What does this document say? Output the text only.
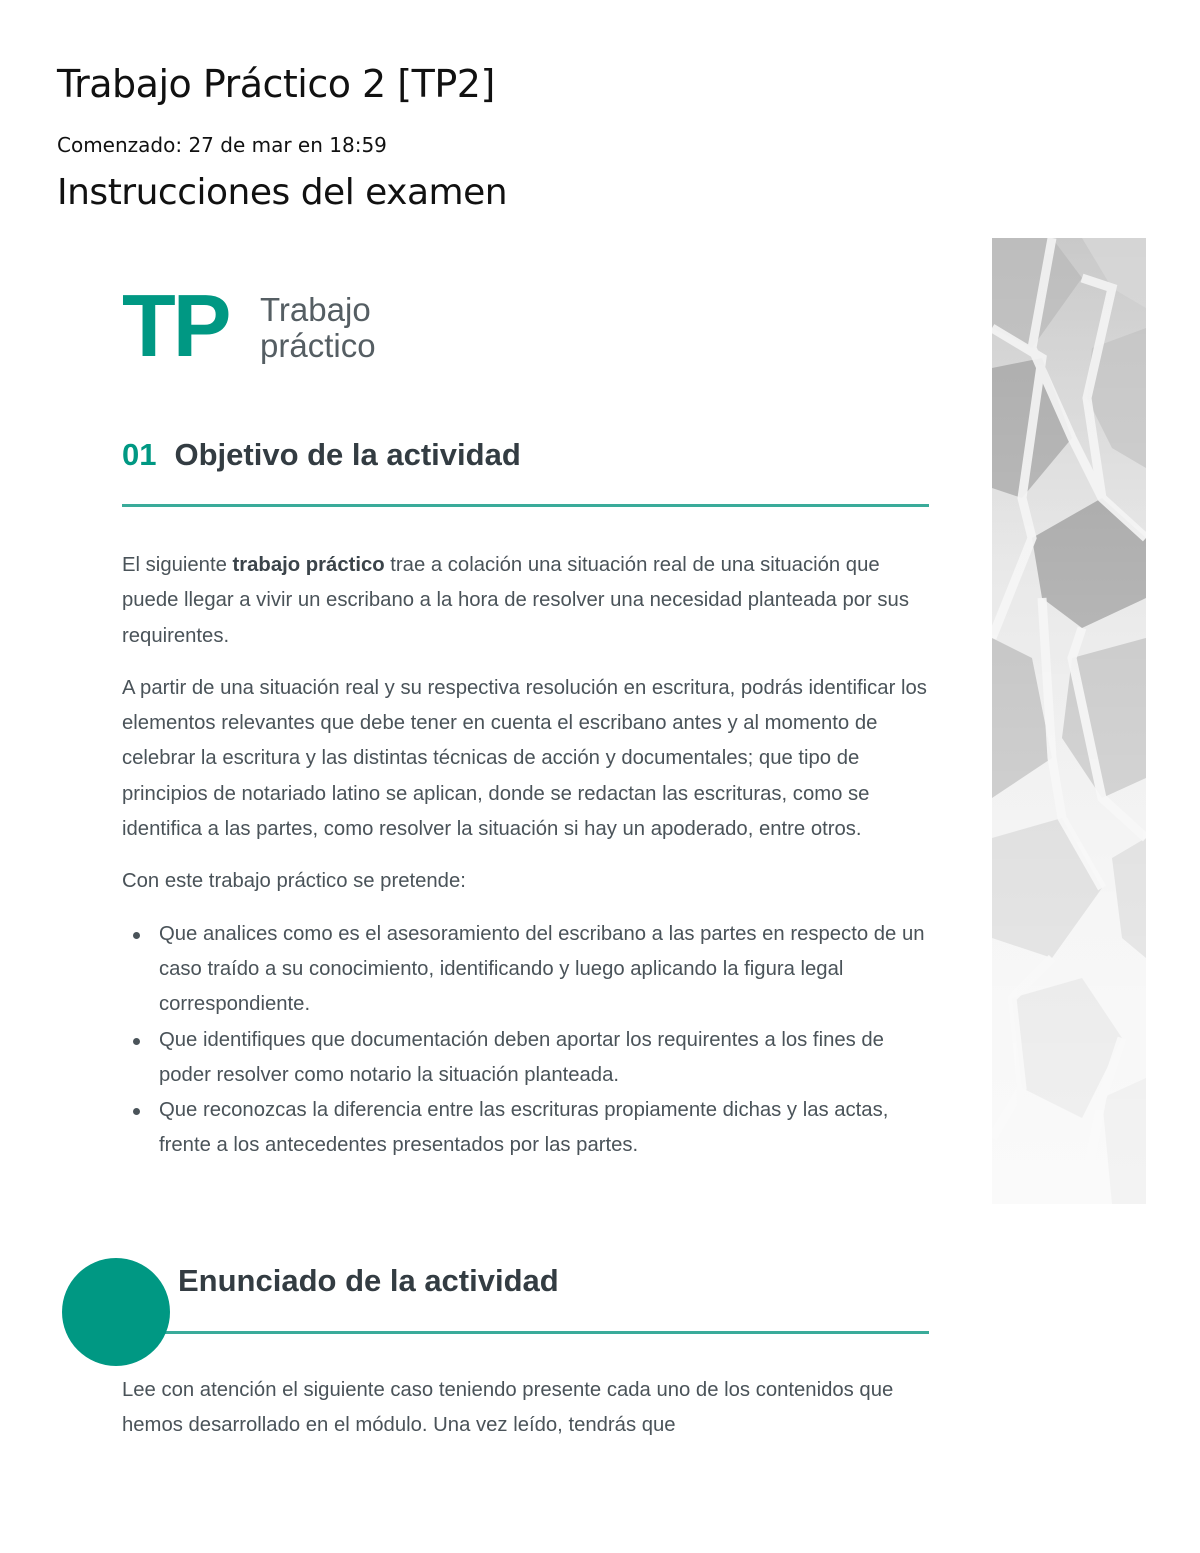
Trabajo Práctico 2 [TP2]
Comenzado: 27 de mar en 18:59
Instrucciones del examen
TP Trabajo
práctico
01 Objetivo de la actividad

El siguiente trabajo práctico trae a colación una situación real de una situación que puede llegar a vivir un escribano a la hora de resolver una necesidad planteada por sus requirentes.

A partir de una situación real y su respectiva resolución en escritura, podrás identificar los elementos relevantes que debe tener en cuenta el escribano antes y al momento de celebrar la escritura y las distintas técnicas de acción y documentales; que tipo de principios de notariado latino se aplican, donde se redactan las escrituras, como se identifica a las partes, como resolver la situación si hay un apoderado, entre otros.

Con este trabajo práctico se pretende:

Que analices como es el asesoramiento del escribano a las partes en respecto de un caso traído a su conocimiento, identificando y luego aplicando la figura legal correspondiente.
Que identifiques que documentación deben aportar los requirentes a los fines de poder resolver como notario la situación planteada.
Que reconozcas la diferencia entre las escrituras propiamente dichas y las actas, frente a los antecedentes presentados por las partes.
Enunciado de la actividad

Lee con atención el siguiente caso teniendo presente cada uno de los contenidos que hemos desarrollado en el módulo. Una vez leído, tendrás que
